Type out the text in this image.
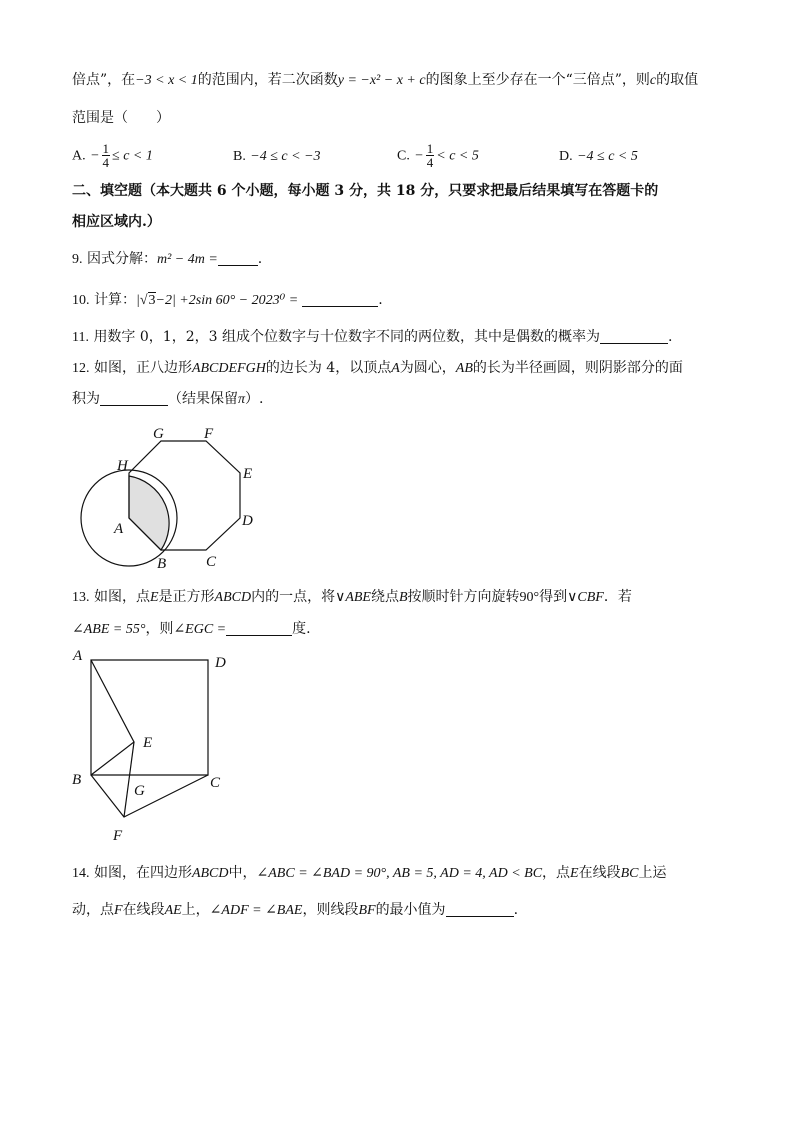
倍点”，在−3 < x < 1的范围内，若二次函数y = −x² − x + c的图象上至少存在一个“三倍点”，则c的取值
范围是（　　）
A. − $\frac{1}{4} \le c < 1$	B. −4 ≤ c < −3	C. − $\frac{1}{4} < c < 5$	D. −4 ≤ c < 5
二、填空题（本大题共 6 个小题，每小题 3 分，共 18 分，只要求把最后结果填写在答题卡的
相应区域内.）
9. 因式分解：m² − 4m =	.
10. 计算：|√3−2| +2sin 60° − 2023⁰ =	.
11. 用数字 0，1，2，3 组成个位数字与十位数字不同的两位数，其中是偶数的概率为	.
12. 如图，正八边形ABCDEFGH的边长为 4，以顶点A为圆心，AB的长为半径画圆，则阴影部分的面
积为	（结果保留π）.
G	F
H	E
D
A
B	C
13. 如图，点E是正方形ABCD内的一点，将∨ABE绕点B按顺时针方向旋转90°得到∨CBF．若
∠ABE = 55°，则∠EGC =	度.
A	D
E
B
G	C
F
14. 如图，在四边形ABCD中，∠ABC = ∠BAD = 90°, AB = 5, AD = 4, AD < BC，点E在线段BC上运
动，点F在线段AE上，∠ADF = ∠BAE，则线段BF的最小值为	.
